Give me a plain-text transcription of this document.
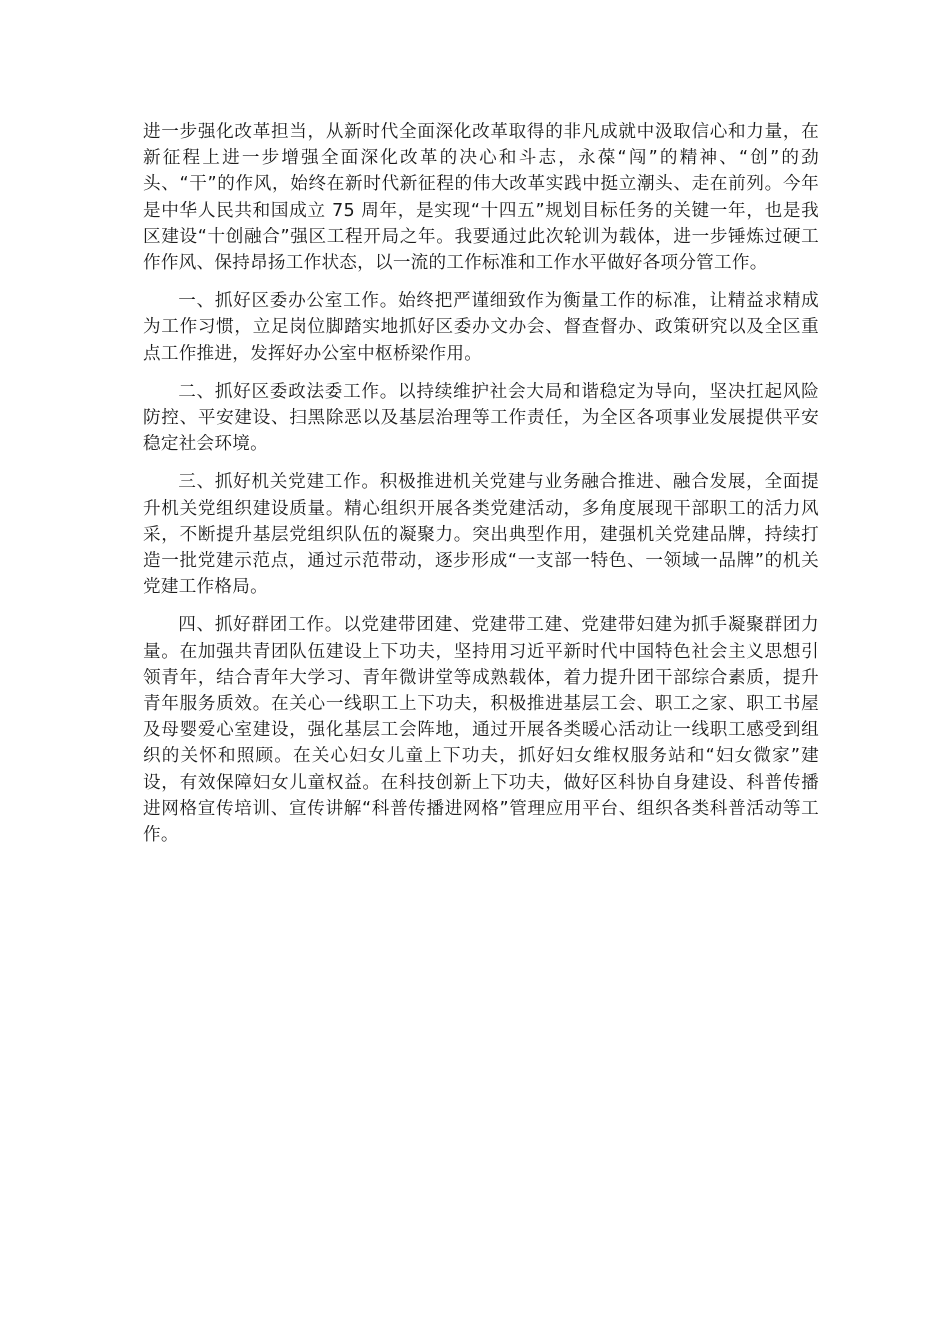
进一步强化改革担当，从新时代全面深化改革取得的非凡成就中汲取信心和力量，在新征程上进一步增强全面深化改革的决心和斗志，永葆“闯”的精神、“创”的劲头、“干”的作风，始终在新时代新征程的伟大改革实践中挺立潮头、走在前列。今年是中华人民共和国成立 75 周年，是实现“十四五”规划目标任务的关键一年，也是我区建设“十创融合”强区工程开局之年。我要通过此次轮训为载体，进一步锤炼过硬工作作风、保持昂扬工作状态，以一流的工作标准和工作水平做好各项分管工作。

一、抓好区委办公室工作。始终把严谨细致作为衡量工作的标准，让精益求精成为工作习惯，立足岗位脚踏实地抓好区委办文办会、督查督办、政策研究以及全区重点工作推进，发挥好办公室中枢桥梁作用。

二、抓好区委政法委工作。以持续维护社会大局和谐稳定为导向，坚决扛起风险防控、平安建设、扫黑除恶以及基层治理等工作责任，为全区各项事业发展提供平安稳定社会环境。

三、抓好机关党建工作。积极推进机关党建与业务融合推进、融合发展，全面提升机关党组织建设质量。精心组织开展各类党建活动，多角度展现干部职工的活力风采，不断提升基层党组织队伍的凝聚力。突出典型作用，建强机关党建品牌，持续打造一批党建示范点，通过示范带动，逐步形成“一支部一特色、一领域一品牌”的机关党建工作格局。

四、抓好群团工作。以党建带团建、党建带工建、党建带妇建为抓手凝聚群团力量。在加强共青团队伍建设上下功夫，坚持用习近平新时代中国特色社会主义思想引领青年，结合青年大学习、青年微讲堂等成熟载体，着力提升团干部综合素质，提升青年服务质效。在关心一线职工上下功夫，积极推进基层工会、职工之家、职工书屋及母婴爱心室建设，强化基层工会阵地，通过开展各类暖心活动让一线职工感受到组织的关怀和照顾。在关心妇女儿童上下功夫，抓好妇女维权服务站和“妇女微家”建设，有效保障妇女儿童权益。在科技创新上下功夫，做好区科协自身建设、科普传播进网格宣传培训、宣传讲解“科普传播进网格”管理应用平台、组织各类科普活动等工作。
